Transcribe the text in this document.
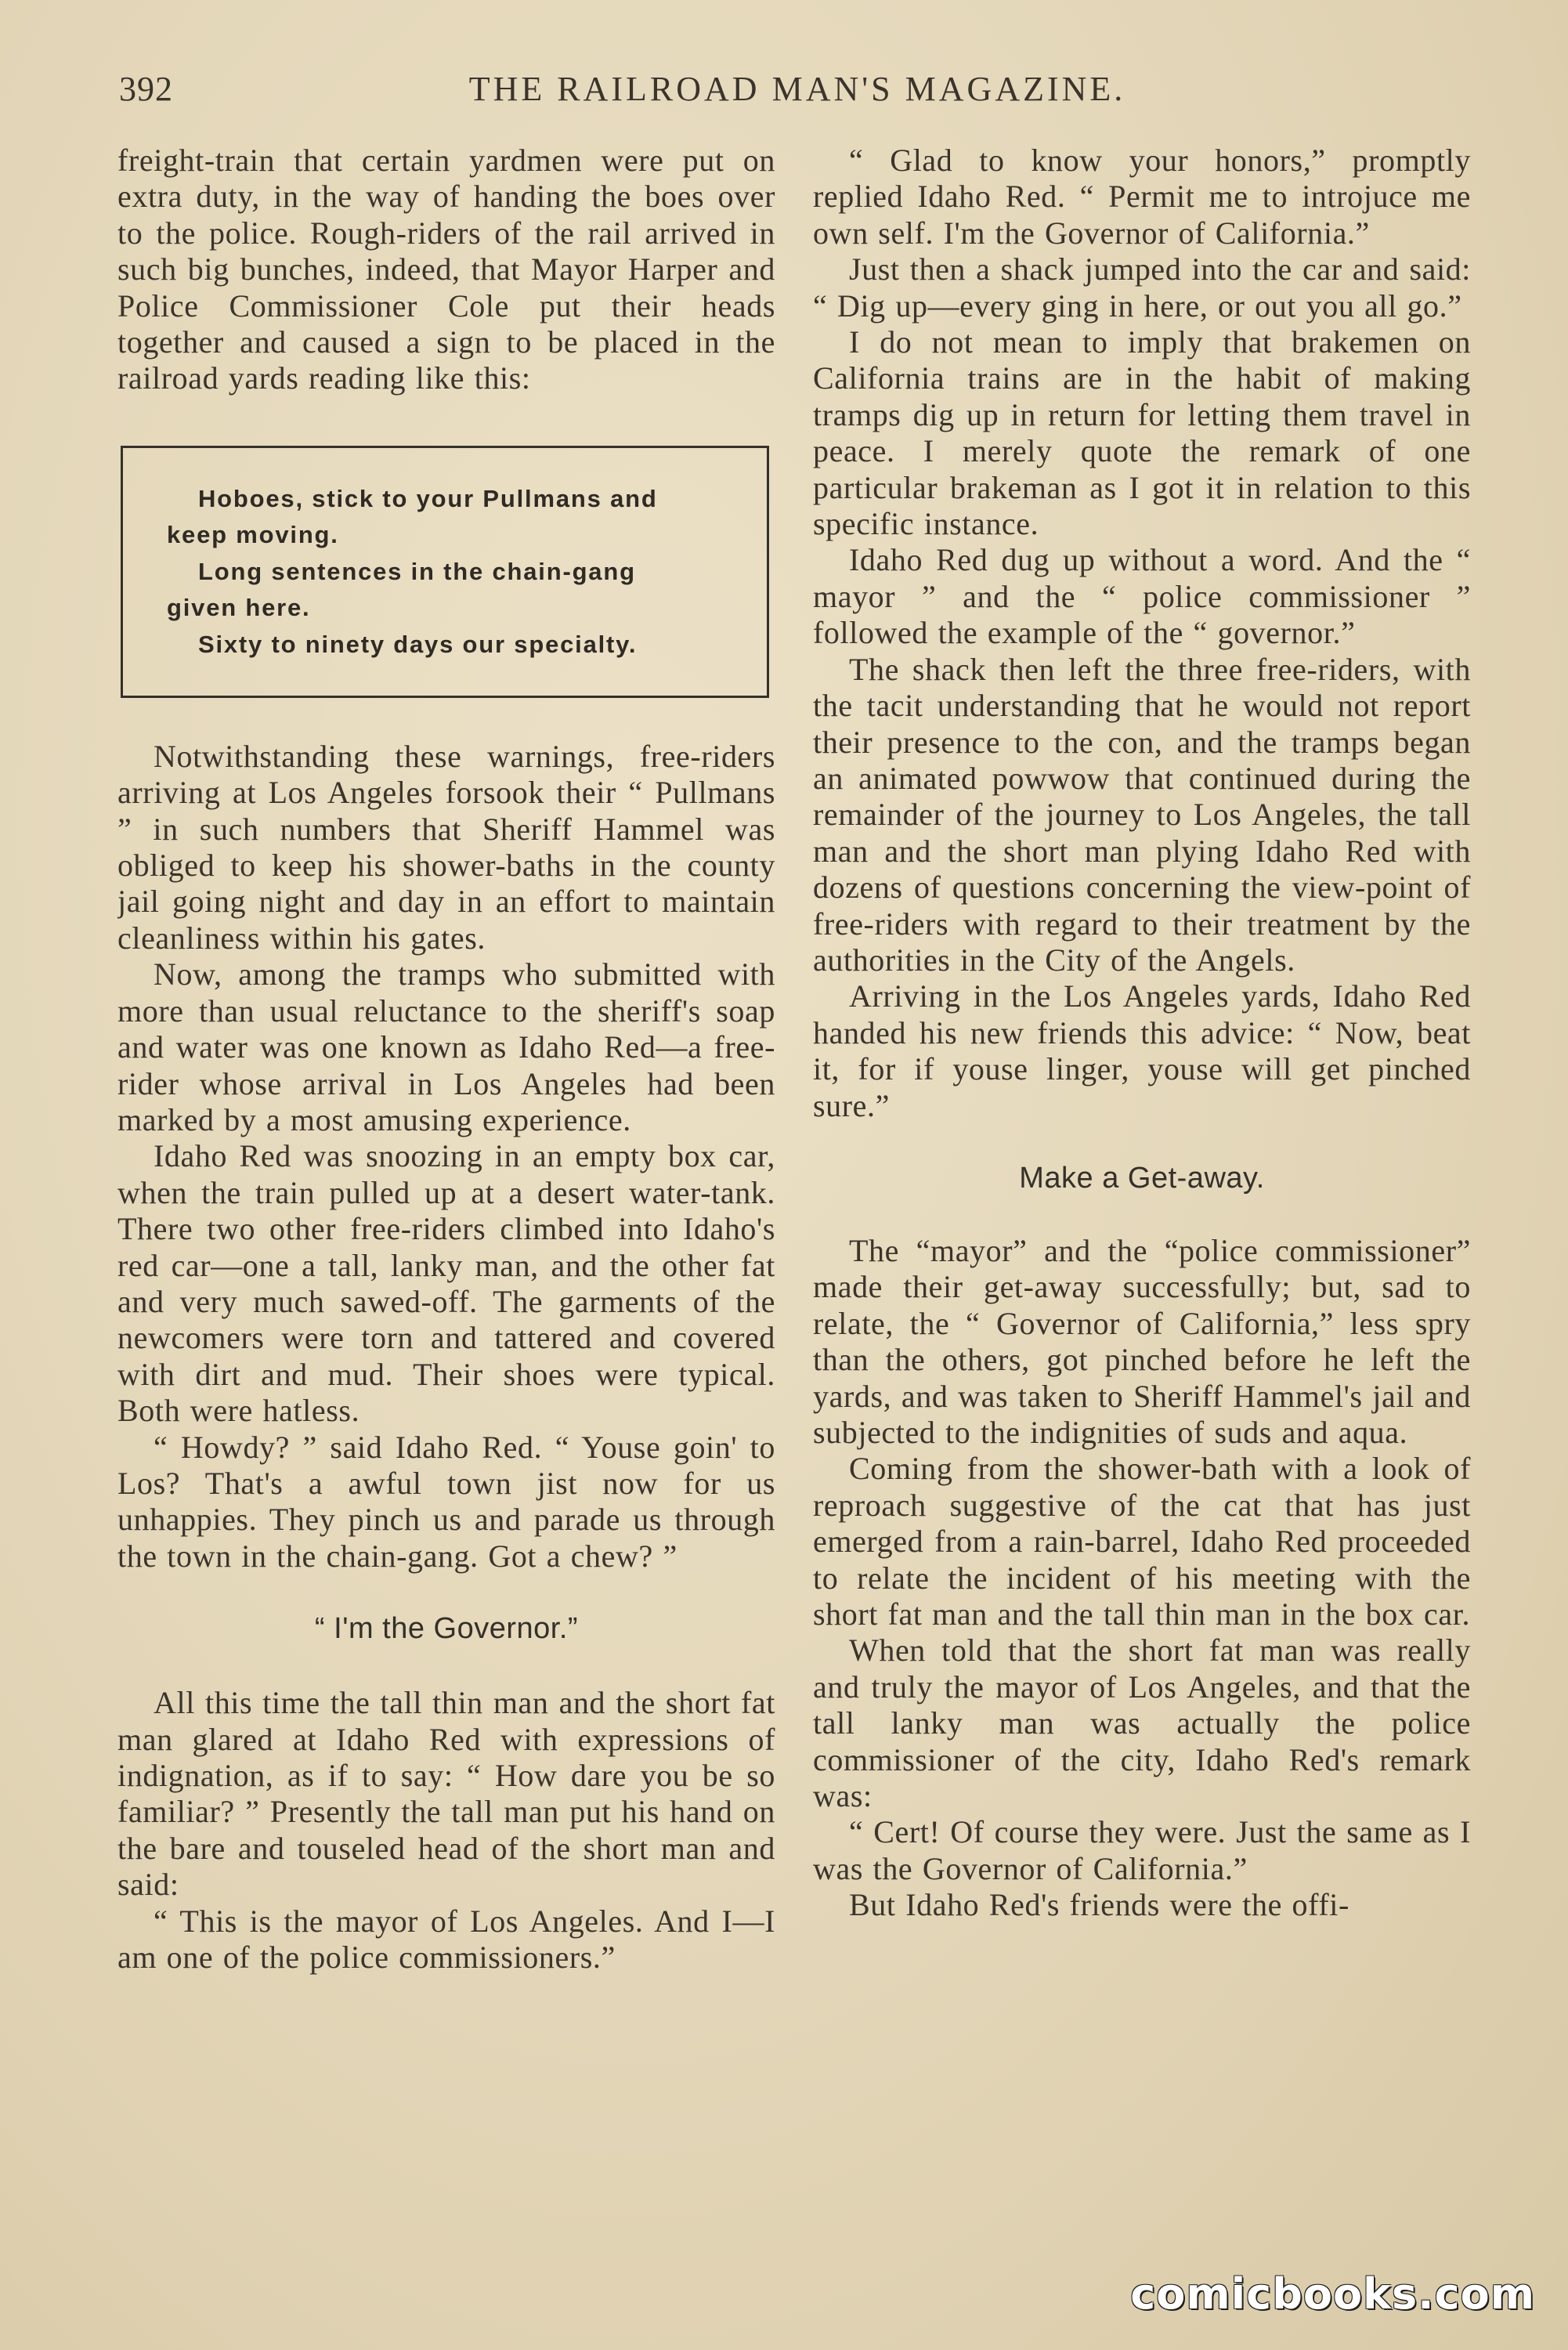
392	THE RAILROAD MAN'S MAGAZINE.

freight-train that certain yardmen were put on extra duty, in the way of handing the boes over to the police. Rough-riders of the rail arrived in such big bunches, indeed, that Mayor Harper and Police Commissioner Cole put their heads together and caused a sign to be placed in the railroad yards reading like this:

Hoboes, stick to your Pullmans and
keep moving.
Long sentences in the chain-gang
given here.
Sixty to ninety days our specialty.

Notwithstanding these warnings, free-riders arriving at Los Angeles forsook their “ Pullmans ” in such numbers that Sheriff Hammel was obliged to keep his shower-baths in the county jail going night and day in an effort to maintain cleanliness within his gates.

Now, among the tramps who submitted with more than usual reluctance to the sheriff's soap and water was one known as Idaho Red—a free-rider whose arrival in Los Angeles had been marked by a most amusing experience.

Idaho Red was snoozing in an empty box car, when the train pulled up at a desert water-tank. There two other free-riders climbed into Idaho's red car—one a tall, lanky man, and the other fat and very much sawed-off. The garments of the newcomers were torn and tattered and covered with dirt and mud. Their shoes were typical. Both were hatless.

“ Howdy? ” said Idaho Red. “ Youse goin' to Los? That's a awful town jist now for us unhappies. They pinch us and parade us through the town in the chain-gang. Got a chew? ”

“ I'm the Governor.”

All this time the tall thin man and the short fat man glared at Idaho Red with expressions of indignation, as if to say: “ How dare you be so familiar? ” Presently the tall man put his hand on the bare and touseled head of the short man and said:

“ This is the mayor of Los Angeles. And I—I am one of the police commissioners.”

“ Glad to know your honors,” promptly replied Idaho Red. “ Permit me to introjuce me own self. I'm the Governor of California.”

Just then a shack jumped into the car and said: “ Dig up—every ging in here, or out you all go.”

I do not mean to imply that brakemen on California trains are in the habit of making tramps dig up in return for letting them travel in peace. I merely quote the remark of one particular brakeman as I got it in relation to this specific instance.

Idaho Red dug up without a word. And the “ mayor ” and the “ police commissioner ” followed the example of the “ governor.”

The shack then left the three free-riders, with the tacit understanding that he would not report their presence to the con, and the tramps began an animated powwow that continued during the remainder of the journey to Los Angeles, the tall man and the short man plying Idaho Red with dozens of questions concerning the view-point of free-riders with regard to their treatment by the authorities in the City of the Angels.

Arriving in the Los Angeles yards, Idaho Red handed his new friends this advice: “ Now, beat it, for if youse linger, youse will get pinched sure.”

Make a Get-away.

The “mayor” and the “police commissioner” made their get-away successfully; but, sad to relate, the “ Governor of California,” less spry than the others, got pinched before he left the yards, and was taken to Sheriff Hammel's jail and subjected to the indignities of suds and aqua.

Coming from the shower-bath with a look of reproach suggestive of the cat that has just emerged from a rain-barrel, Idaho Red proceeded to relate the incident of his meeting with the short fat man and the tall thin man in the box car.

When told that the short fat man was really and truly the mayor of Los Angeles, and that the tall lanky man was actually the police commissioner of the city, Idaho Red's remark was:

“ Cert! Of course they were. Just the same as I was the Governor of California.”

But Idaho Red's friends were the offi-

comicbooks.com
